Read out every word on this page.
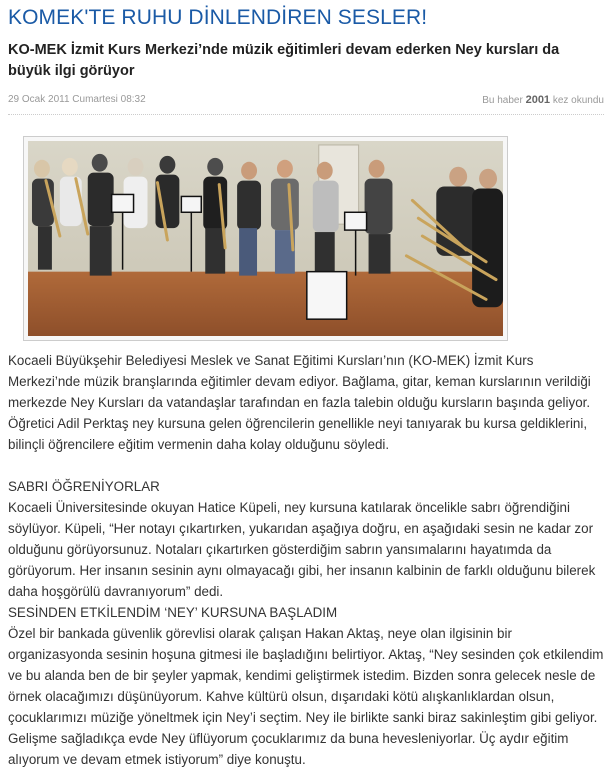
KOMEK'TE RUHU DİNLENDİREN SESLER!
KO-MEK İzmit Kurs Merkezi’nde müzik eğitimleri devam ederken Ney kursları da büyük ilgi görüyor
29 Ocak 2011 Cumartesi 08:32	Bu haber 2001 kez okundu

Kocaeli Büyükşehir Belediyesi Meslek ve Sanat Eğitimi Kursları’nın (KO-MEK) İzmit Kurs Merkezi’nde müzik branşlarında eğitimler devam ediyor. Bağlama, gitar, keman kurslarının verildiği merkezde Ney Kursları da vatandaşlar tarafından en fazla talebin olduğu kursların başında geliyor. Öğretici Adil Perktaş ney kursuna gelen öğrencilerin genellikle neyi tanıyarak bu kursa geldiklerini, bilinçli öğrencilere eğitim vermenin daha kolay olduğunu söyledi.

SABRI ÖĞRENİYORLAR

Kocaeli Üniversitesinde okuyan Hatice Küpeli, ney kursuna katılarak öncelikle sabrı öğrendiğini söylüyor. Küpeli, “Her notayı çıkartırken, yukarıdan aşağıya doğru, en aşağıdaki sesin ne kadar zor olduğunu görüyorsunuz. Notaları çıkartırken gösterdiğim sabrın yansımalarını hayatımda da görüyorum. Her insanın sesinin aynı olmayacağı gibi, her insanın kalbinin de farklı olduğunu bilerek daha hoşgörülü davranıyorum” dedi.

SESİNDEN ETKİLENDİM ‘NEY’ KURSUNA BAŞLADIM

Özel bir bankada güvenlik görevlisi olarak çalışan Hakan Aktaş, neye olan ilgisinin bir organizasyonda sesinin hoşuna gitmesi ile başladığını belirtiyor. Aktaş, “Ney sesinden çok etkilendim ve bu alanda ben de bir şeyler yapmak, kendimi geliştirmek istedim. Bizden sonra gelecek nesle de örnek olacağımızı düşünüyorum. Kahve kültürü olsun, dışarıdaki kötü alışkanlıklardan olsun, çocuklarımızı müziğe yöneltmek için Ney’i seçtim. Ney ile birlikte sanki biraz sakinleştim gibi geliyor. Gelişme sağladıkça evde Ney üflüyorum çocuklarımız da buna hevesleniyorlar. Üç aydır eğitim alıyorum ve devam etmek istiyorum” diye konuştu.
